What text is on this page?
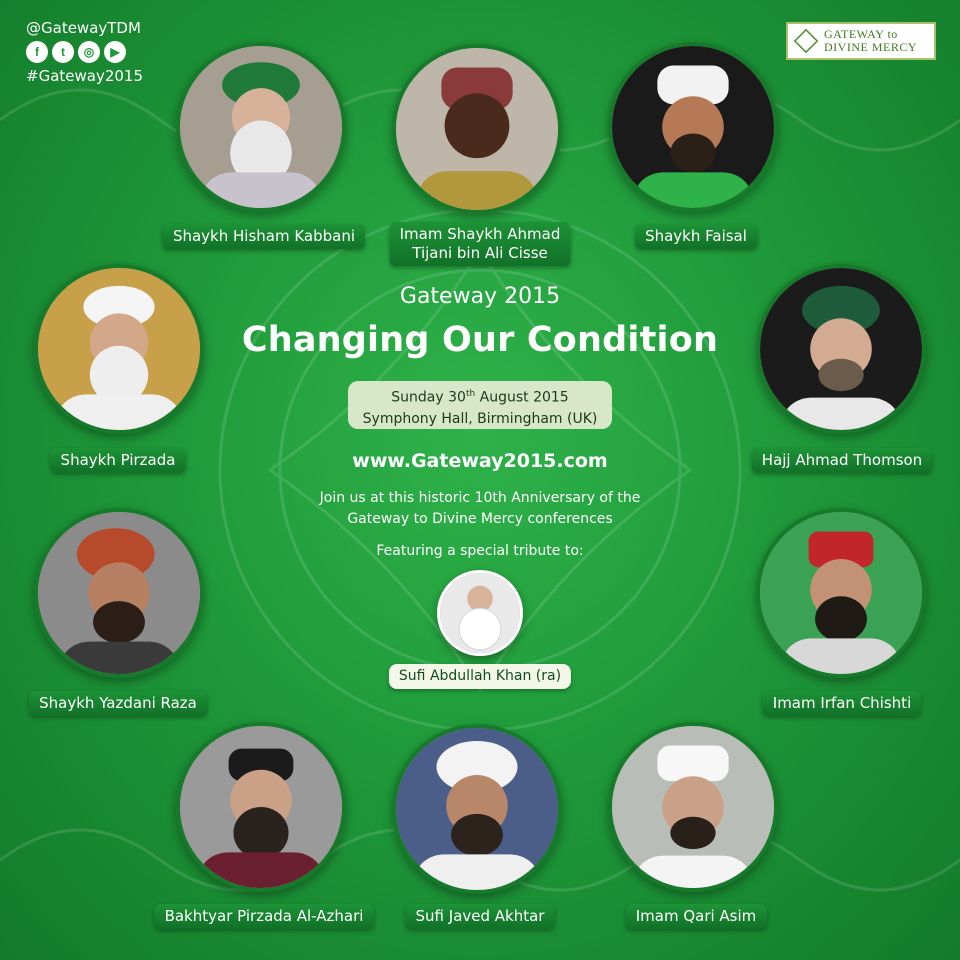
@GatewayTDM
f	t	◎	▶
#Gateway2015
GATEWAY to
DIVINE MERCY
Shaykh Hisham Kabbani	Imam Shaykh Ahmad
Tijani bin Ali Cisse
Shaykh Faisal
Shaykh Pirzada	Hajj Ahmad Thomson
Shaykh Yazdani Raza	Imam Irfan Chishti
Bakhtyar Pirzada Al-Azhari	Sufi Javed Akhtar	Imam Qari Asim
Sufi Abdullah Khan (ra)
Gateway 2015
Changing Our Condition
Sunday 30th August 2015
Symphony Hall, Birmingham (UK)
www.Gateway2015.com
Join us at this historic 10th Anniversary of the
Gateway to Divine Mercy conferences
Featuring a special tribute to:
